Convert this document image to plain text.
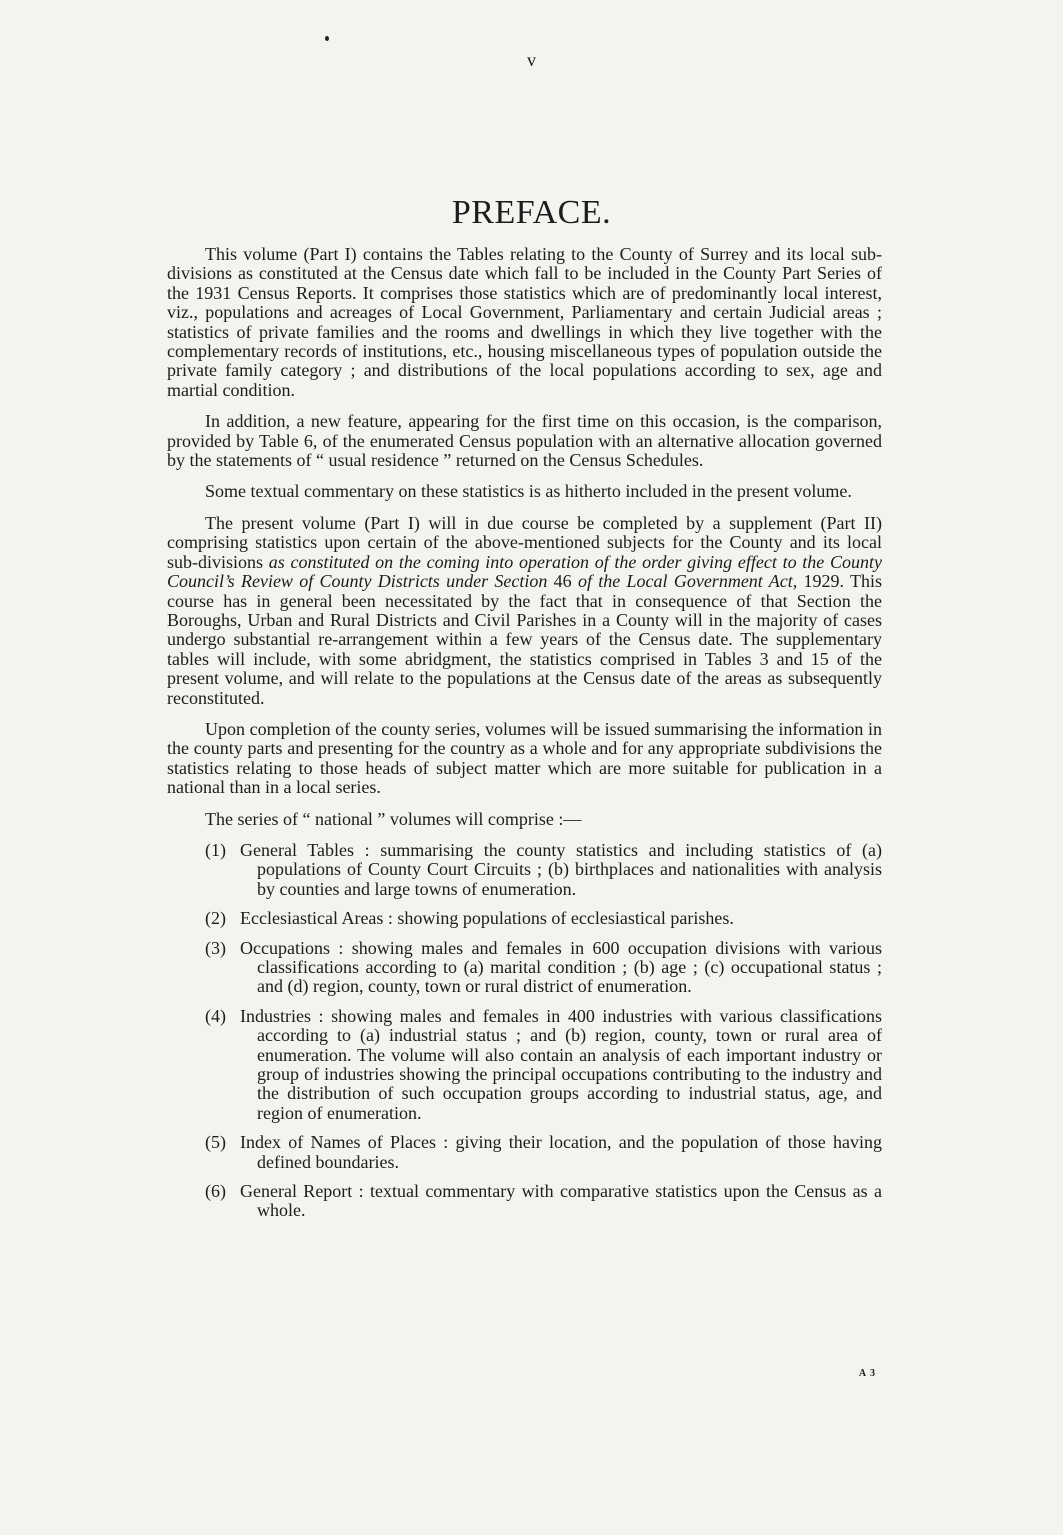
v
PREFACE.

This volume (Part I) contains the Tables relating to the County of Surrey and its local sub-divisions as constituted at the Census date which fall to be included in the County Part Series of the 1931 Census Reports. It comprises those statistics which are of predominantly local interest, viz., populations and acreages of Local Government, Parliamentary and certain Judicial areas ; statistics of private families and the rooms and dwellings in which they live together with the complementary records of institutions, etc., housing miscellaneous types of population outside the private family category ; and distributions of the local populations according to sex, age and martial condition.

In addition, a new feature, appearing for the first time on this occasion, is the comparison, provided by Table 6, of the enumerated Census population with an alternative allocation governed by the statements of “ usual residence ” returned on the Census Schedules.

Some textual commentary on these statistics is as hitherto included in the present volume.

The present volume (Part I) will in due course be completed by a supplement (Part II) comprising statistics upon certain of the above-mentioned subjects for the County and its local sub-divisions as constituted on the coming into operation of the order giving effect to the County Council’s Review of County Districts under Section 46 of the Local Government Act, 1929. This course has in general been necessitated by the fact that in consequence of that Section the Boroughs, Urban and Rural Districts and Civil Parishes in a County will in the majority of cases undergo substantial re-arrangement within a few years of the Census date. The supplementary tables will include, with some abridgment, the statistics comprised in Tables 3 and 15 of the present volume, and will relate to the populations at the Census date of the areas as subsequently reconstituted.

Upon completion of the county series, volumes will be issued summarising the information in the county parts and presenting for the country as a whole and for any appropriate subdivisions the statistics relating to those heads of subject matter which are more suitable for publication in a national than in a local series.

The series of “ national ” volumes will comprise :—

(1) General Tables : summarising the county statistics and including statistics of (a) populations of County Court Circuits ; (b) birthplaces and nationalities with analysis by counties and large towns of enumeration.
(2) Ecclesiastical Areas : showing populations of ecclesiastical parishes.
(3) Occupations : showing males and females in 600 occupation divisions with various classifications according to (a) marital condition ; (b) age ; (c) occupational status ; and (d) region, county, town or rural district of enumeration.
(4) Industries : showing males and females in 400 industries with various classifications according to (a) industrial status ; and (b) region, county, town or rural area of enumeration. The volume will also contain an analysis of each important industry or group of industries showing the principal occupations contributing to the industry and the distribution of such occupation groups according to industrial status, age, and region of enumeration.
(5) Index of Names of Places : giving their location, and the population of those having defined boundaries.
(6) General Report : textual commentary with comparative statistics upon the Census as a whole.
A 3
